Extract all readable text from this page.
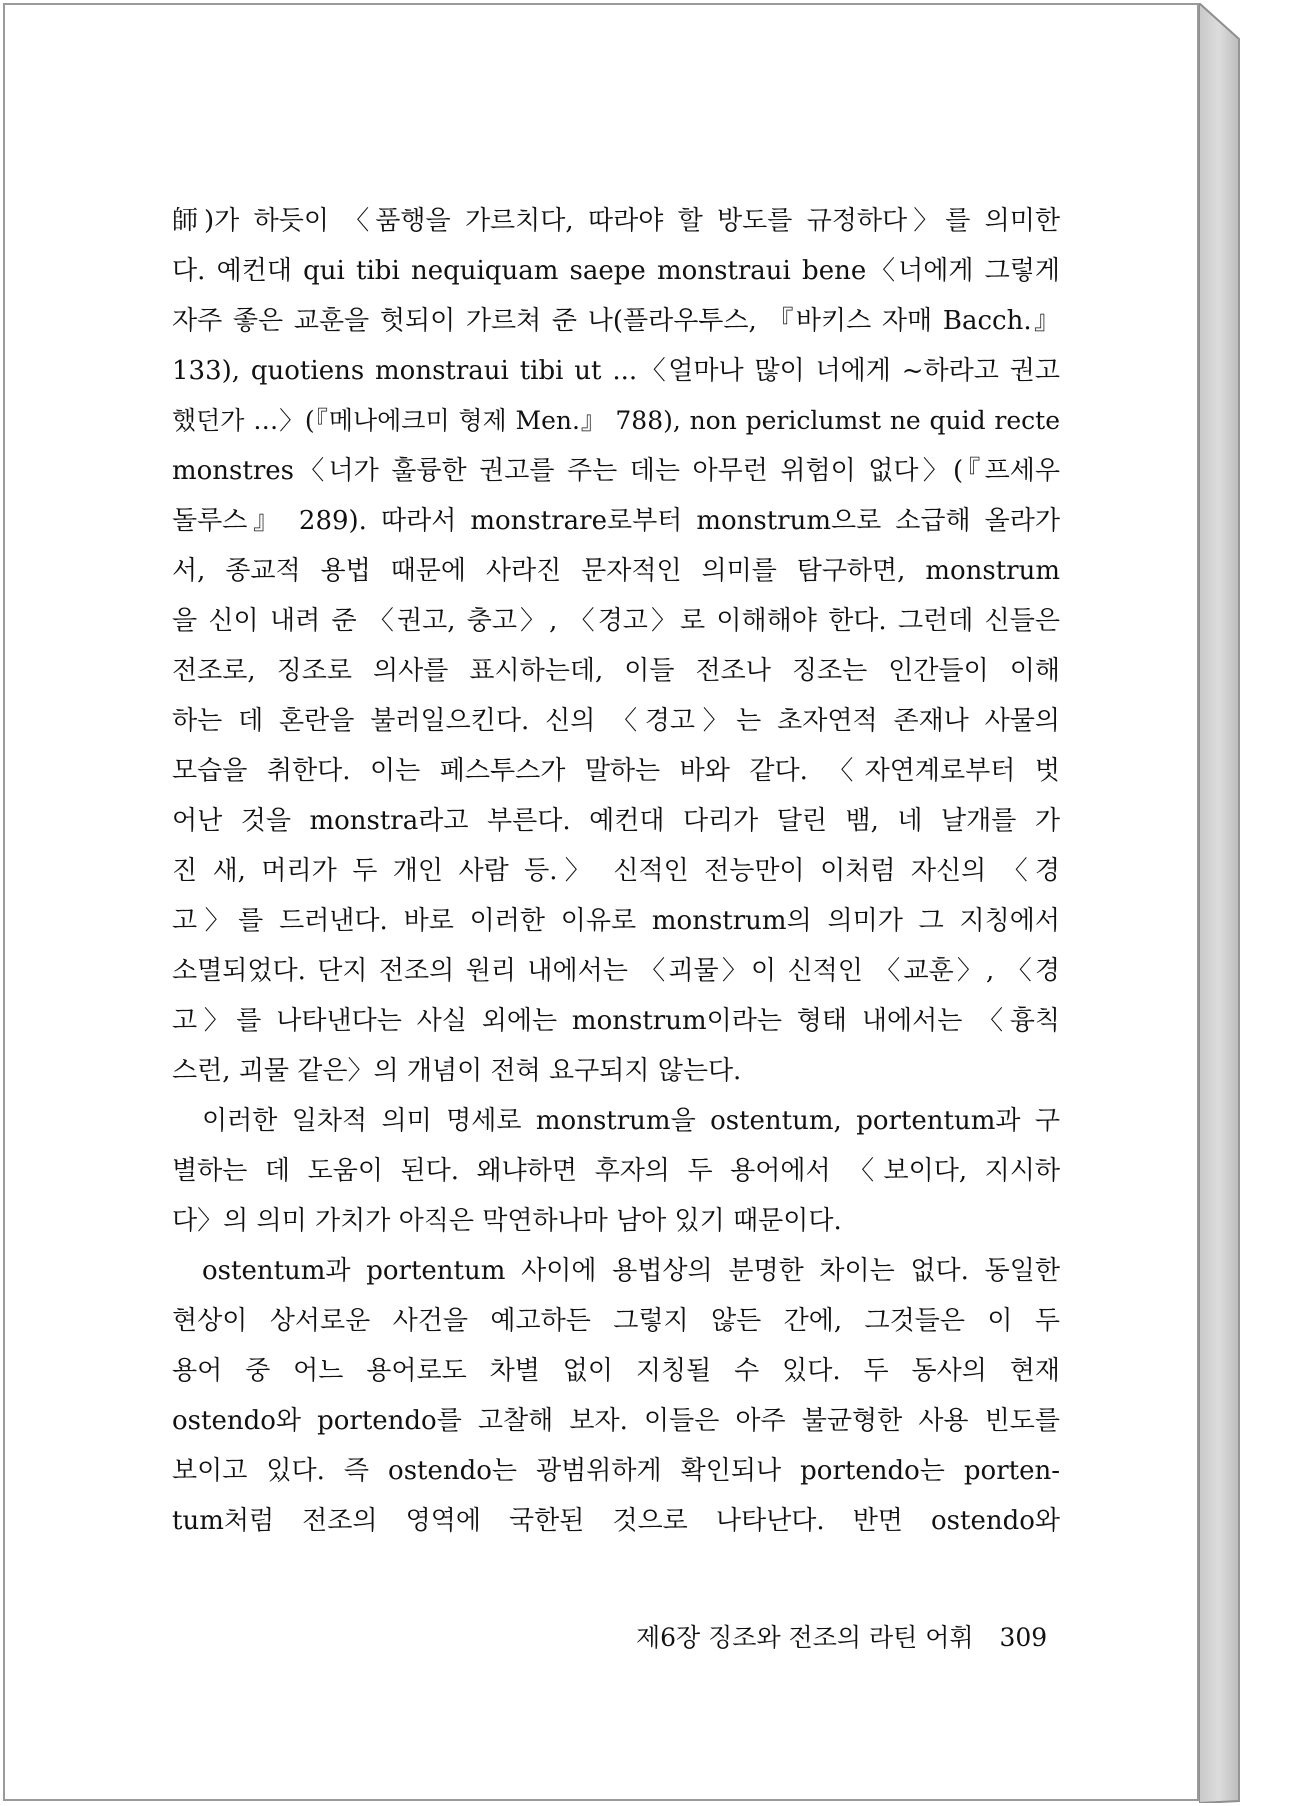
師)가 하듯이 〈품행을 가르치다, 따라야 할 방도를 규정하다〉를 의미한
다. 예컨대 qui tibi nequiquam saepe monstraui bene〈너에게 그렇게
자주 좋은 교훈을 헛되이 가르쳐 준 나(플라우투스, 『바키스 자매 Bacch.』
133), quotiens monstraui tibi ut ...〈얼마나 많이 너에게 ~하라고 권고
했던가 …〉(『메나에크미 형제 Men.』 788), non periclumst ne quid recte
monstres〈너가 훌륭한 권고를 주는 데는 아무런 위험이 없다〉(『프세우
돌루스』 289). 따라서 monstrare로부터 monstrum으로 소급해 올라가
서, 종교적 용법 때문에 사라진 문자적인 의미를 탐구하면, monstrum
을 신이 내려 준 〈권고, 충고〉, 〈경고〉로 이해해야 한다. 그런데 신들은
전조로, 징조로 의사를 표시하는데, 이들 전조나 징조는 인간들이 이해
하는 데 혼란을 불러일으킨다. 신의 〈경고〉는 초자연적 존재나 사물의
모습을 취한다. 이는 페스투스가 말하는 바와 같다. 〈자연계로부터 벗
어난 것을 monstra라고 부른다. 예컨대 다리가 달린 뱀, 네 날개를 가
진 새, 머리가 두 개인 사람 등.〉 신적인 전능만이 이처럼 자신의 〈경
고〉를 드러낸다. 바로 이러한 이유로 monstrum의 의미가 그 지칭에서
소멸되었다. 단지 전조의 원리 내에서는 〈괴물〉이 신적인 〈교훈〉, 〈경
고〉를 나타낸다는 사실 외에는 monstrum이라는 형태 내에서는 〈흉칙
스런, 괴물 같은〉의 개념이 전혀 요구되지 않는다.
이러한 일차적 의미 명세로 monstrum을 ostentum, portentum과 구
별하는 데 도움이 된다. 왜냐하면 후자의 두 용어에서 〈보이다, 지시하
다〉의 의미 가치가 아직은 막연하나마 남아 있기 때문이다.
ostentum과 portentum 사이에 용법상의 분명한 차이는 없다. 동일한
현상이 상서로운 사건을 예고하든 그렇지 않든 간에, 그것들은 이 두
용어 중 어느 용어로도 차별 없이 지칭될 수 있다. 두 동사의 현재
ostendo와 portendo를 고찰해 보자. 이들은 아주 불균형한 사용 빈도를
보이고 있다. 즉 ostendo는 광범위하게 확인되나 portendo는 porten-
tum처럼 전조의 영역에 국한된 것으로 나타난다. 반면 ostendo와
제6장 징조와 전조의 라틴 어휘 309
